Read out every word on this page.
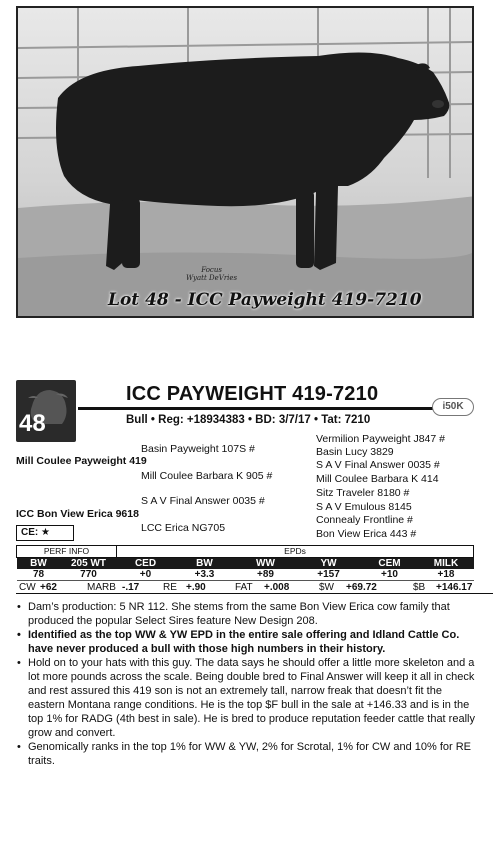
Focus
Wyatt DeVries
Lot 48 - ICC Payweight 419-7210
48
ICC PAYWEIGHT 419-7210
i50K
Bull • Reg: +18934383 • BD: 3/7/17 • Tat: 7210
Basin Payweight 107S #
Mill Coulee Payweight 419
Mill Coulee Barbara K 905 #
S A V Final Answer 0035 #
ICC Bon View Erica 9618
LCC Erica NG705
Vermilion Payweight J847 #
Basin Lucy 3829
S A V Final Answer 0035 #
Mill Coulee Barbara K 414
Sitz Traveler 8180 #
S A V Emulous 8145
Connealy Frontline #
Bon View Erica 443 #
CE: ★
PERF INFO		EPDs					
BW	205 WT	CED	BW	WW	YW	CEM	MILK
78	770	+0	+3.3	+89	+157	+10	+18
CW	+62	MARB	-.17	RE	+.90	FAT	+.008	$W	+69.72	$B	+146.17
• Dam’s production: 5 NR 112. She stems from the same Bon View Erica cow family that produced the popular Select Sires feature New Design 208.
• Identified as the top WW & YW EPD in the entire sale offering and Idland Cattle Co. have never produced a bull with those high numbers in their history.
• Hold on to your hats with this guy. The data says he should offer a little more skeleton and a lot more pounds across the scale. Being double bred to Final Answer will keep it all in check and rest assured this 419 son is not an extremely tall, narrow freak that doesn’t fit the eastern Montana range conditions. He is the top $F bull in the sale at +146.33 and is in the top 1% for RADG (4th best in sale). He is bred to produce reputation feeder cattle that really grow and convert.
• Genomically ranks in the top 1% for WW & YW, 2% for Scrotal, 1% for CW and 10% for RE traits.
